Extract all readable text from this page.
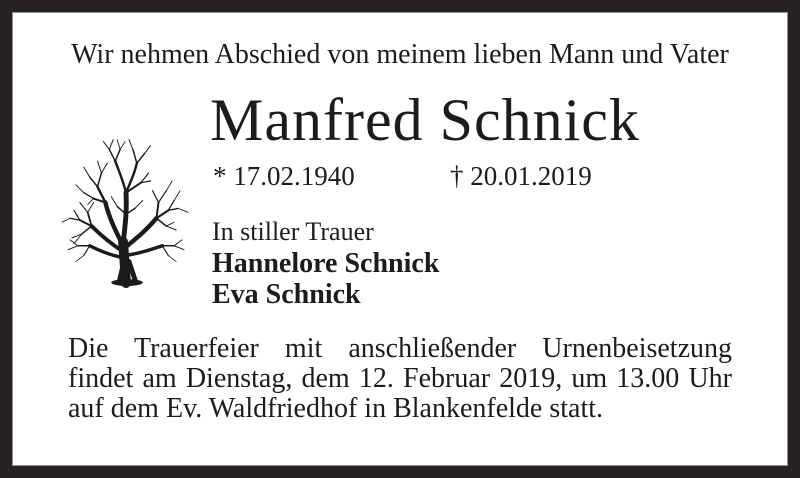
Wir nehmen Abschied von meinem lieben Mann und Vater
Manfred Schnick
* 17.02.1940	† 20.01.2019
In stiller Trauer
Hannelore Schnick
Eva Schnick
Die Trauerfeier mit anschließender Urnenbeisetzung
findet am Dienstag, dem 12. Februar 2019, um 13.00 Uhr
auf dem Ev. Waldfriedhof in Blankenfelde statt.
